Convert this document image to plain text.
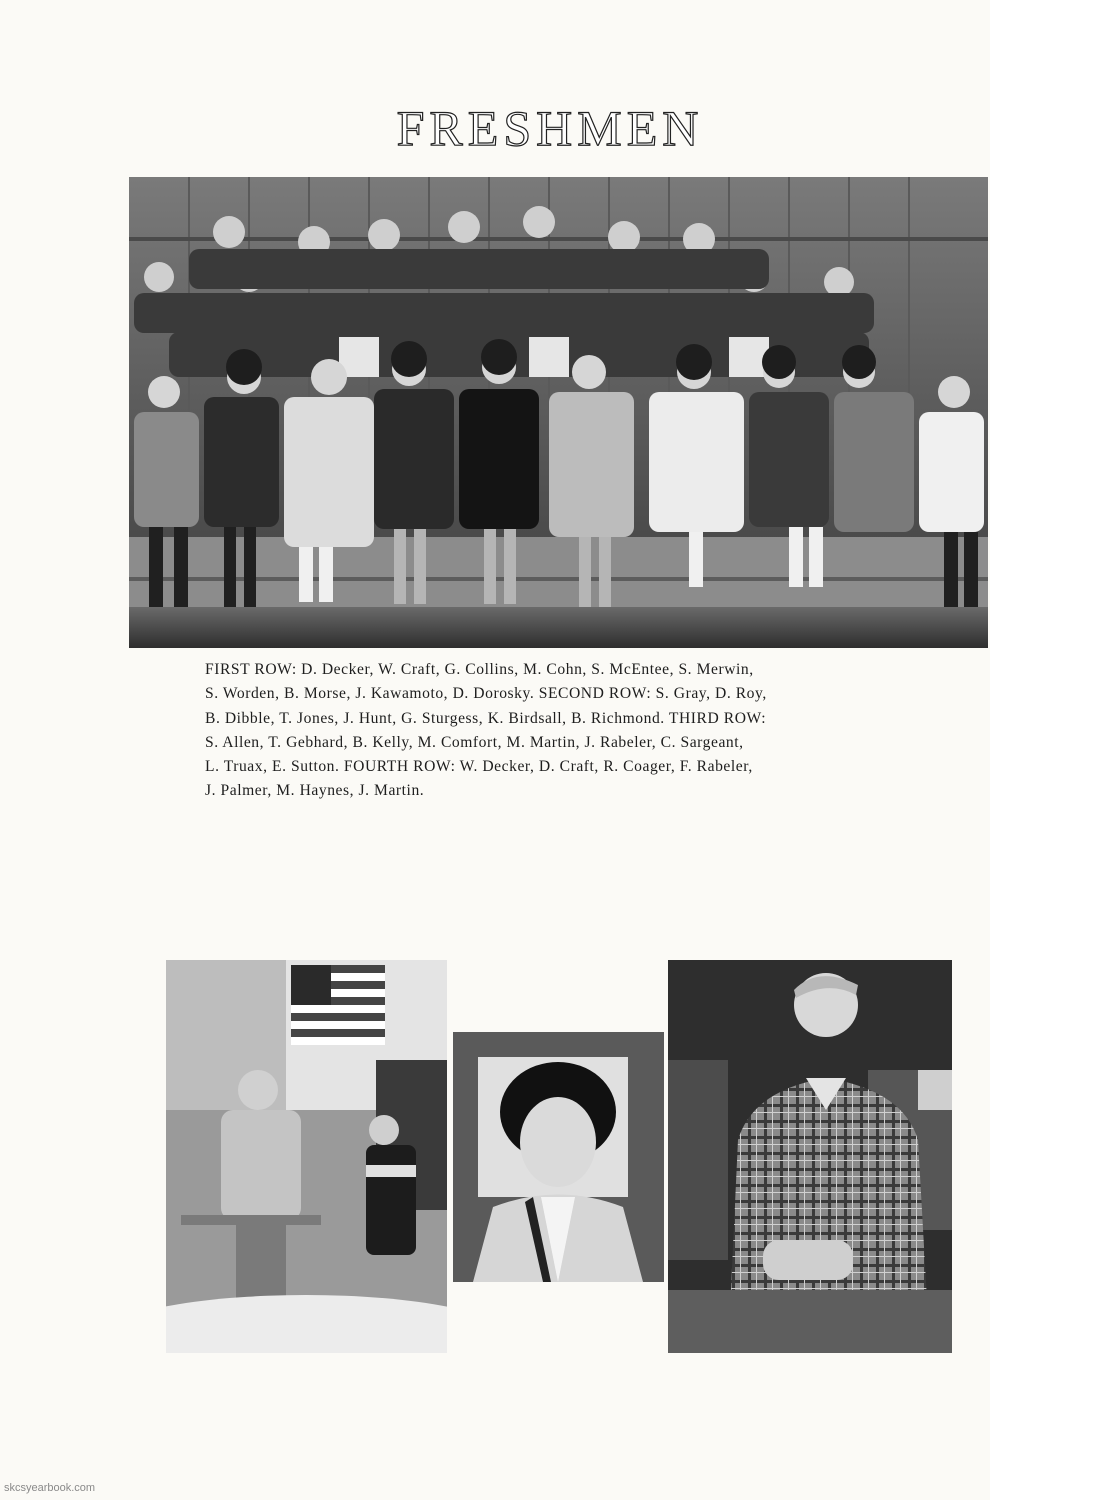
FRESHMEN
FIRST ROW: D. Decker, W. Craft, G. Collins, M. Cohn, S. McEntee, S. Merwin,
S. Worden, B. Morse, J. Kawamoto, D. Dorosky. SECOND ROW: S. Gray, D. Roy,
B. Dibble, T. Jones, J. Hunt, G. Sturgess, K. Birdsall, B. Richmond. THIRD ROW:
S. Allen, T. Gebhard, B. Kelly, M. Comfort, M. Martin, J. Rabeler, C. Sargeant,
L. Truax, E. Sutton. FOURTH ROW: W. Decker, D. Craft, R. Coager, F. Rabeler,
J. Palmer, M. Haynes, J. Martin.
skcsyearbook.com
